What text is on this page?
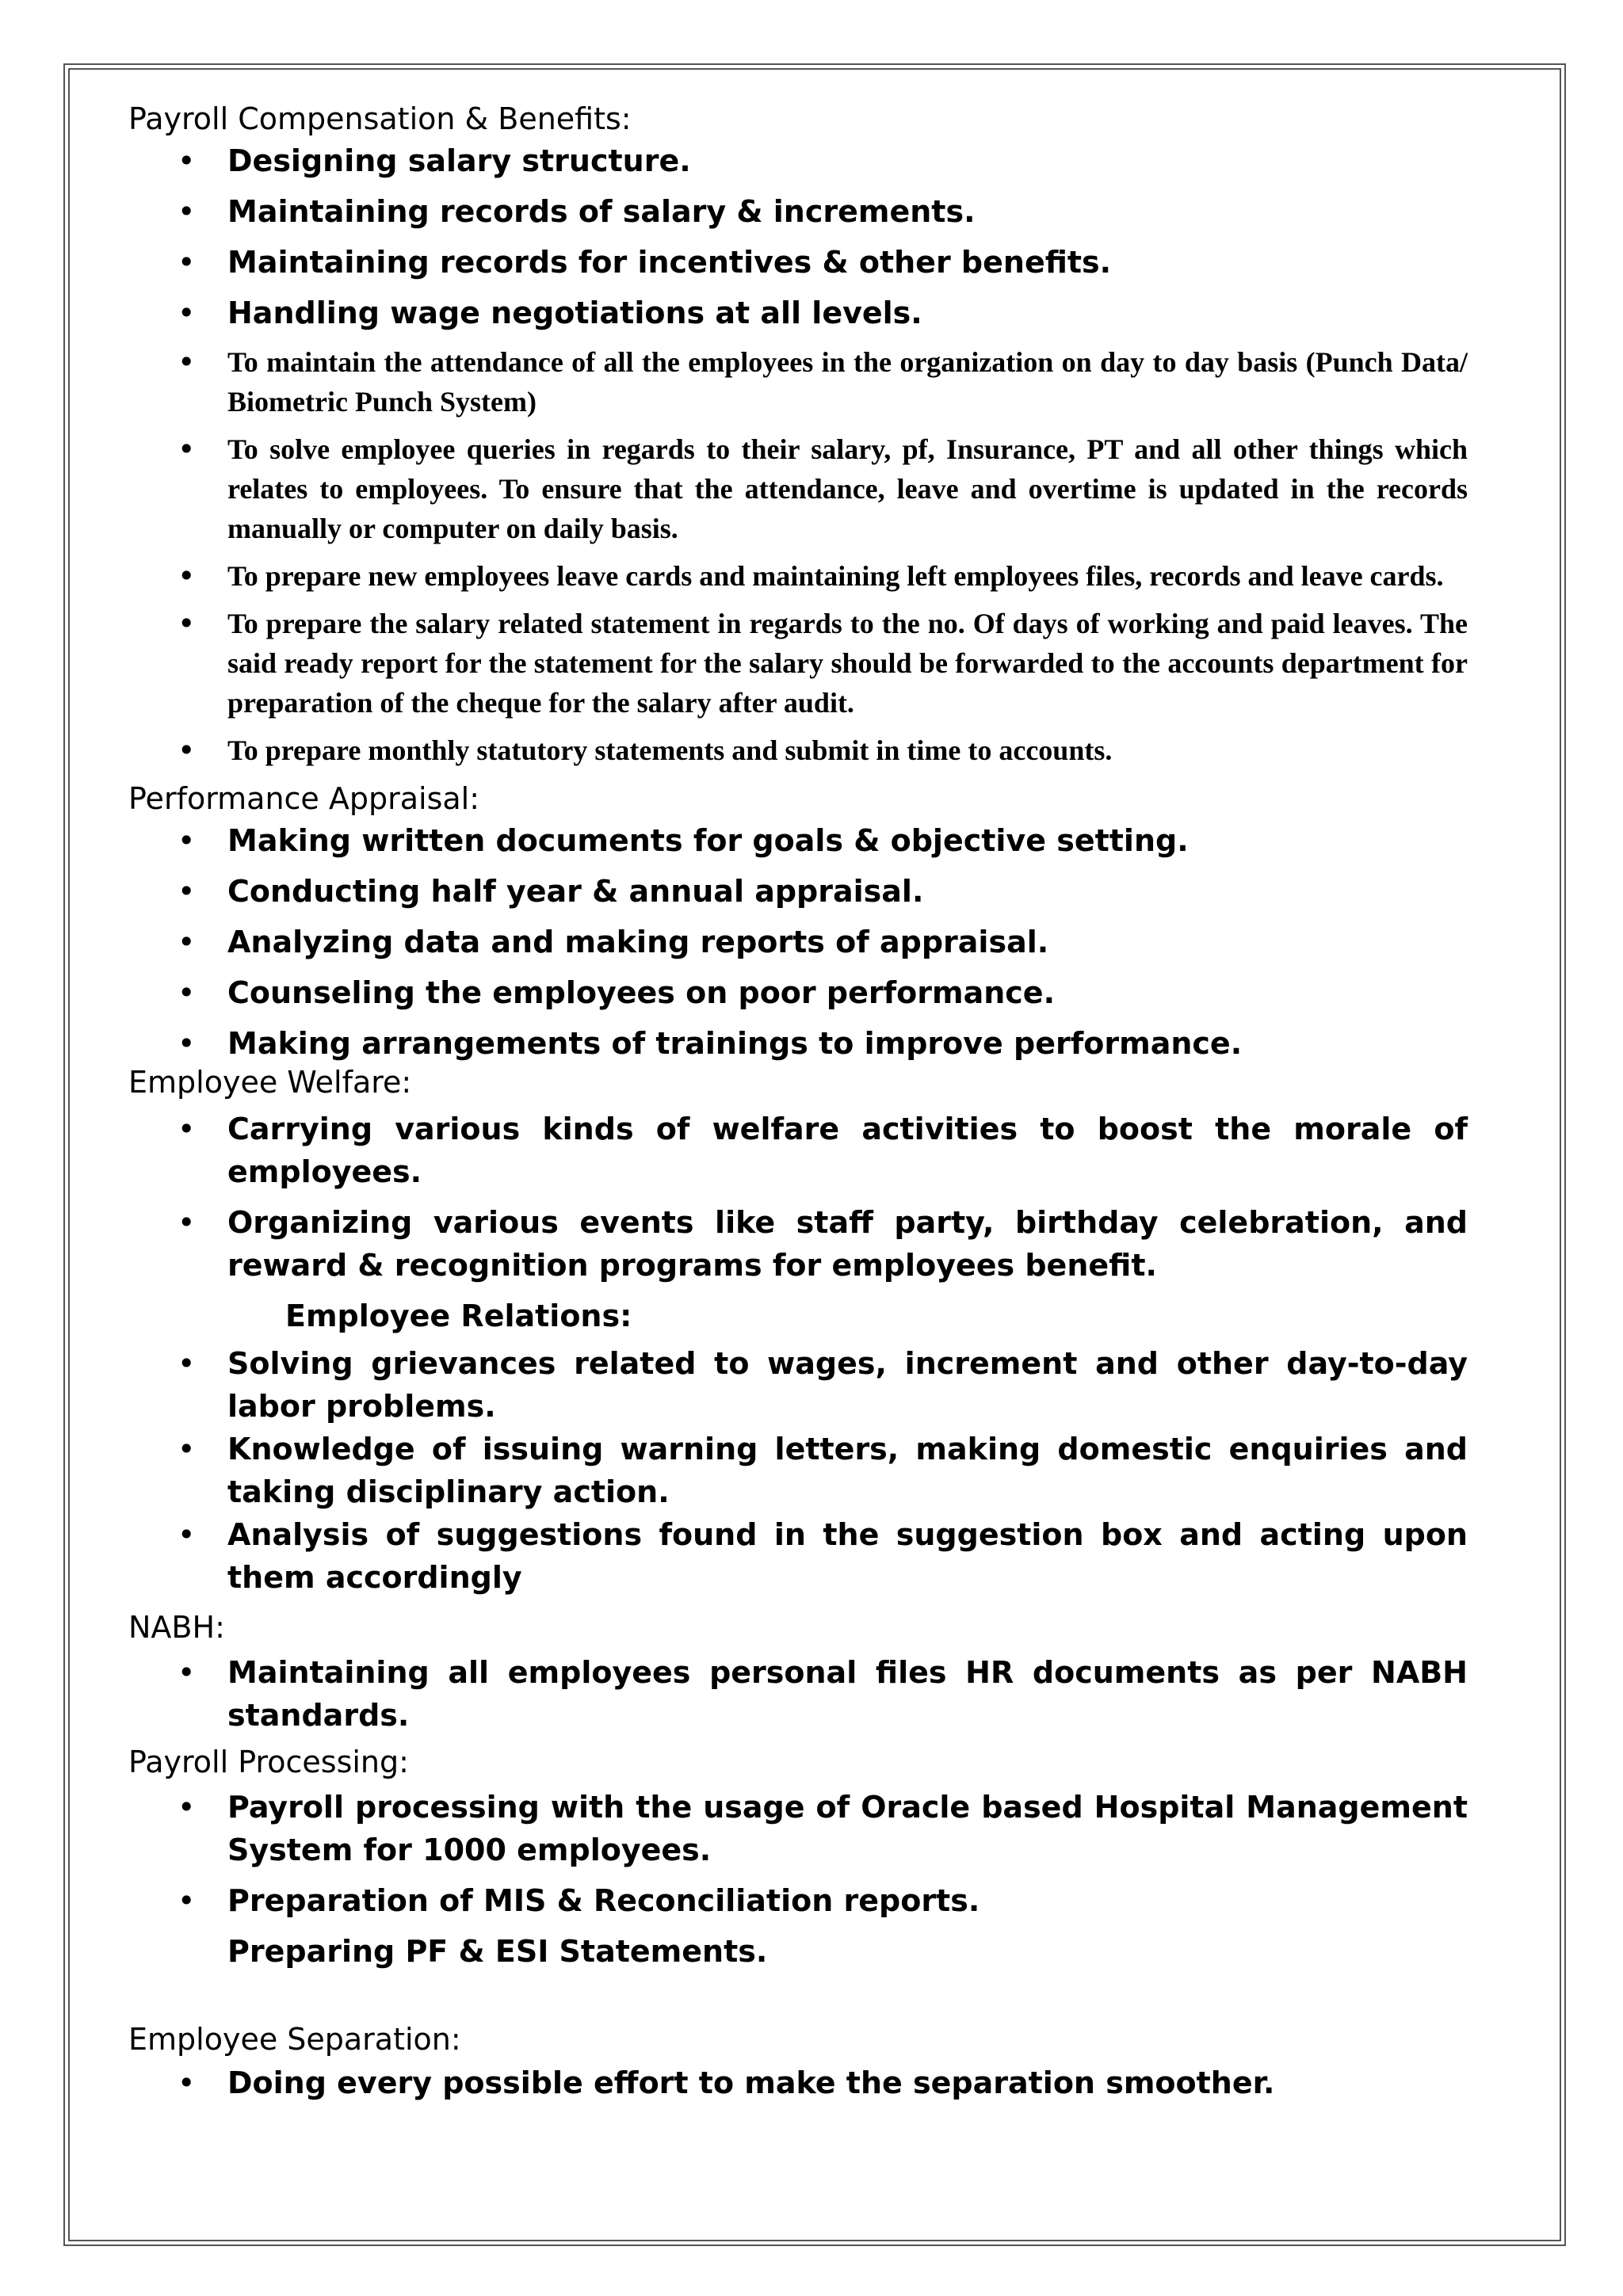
Payroll Compensation & Benefits:

• Designing salary structure.
• Maintaining records of salary & increments.
• Maintaining records for incentives & other benefits.
• Handling wage negotiations at all levels.
• To maintain the attendance of all the employees in the organization on day to day basis (Punch Data/ Biometric Punch System)
• To solve employee queries in regards to their salary, pf, Insurance, PT and all other things which relates to employees. To ensure that the attendance, leave and overtime is updated in the records manually or computer on daily basis.
• To prepare new employees leave cards and maintaining left employees files, records and leave cards.
• To prepare the salary related statement in regards to the no. Of days of working and paid leaves. The said ready report for the statement for the salary should be forwarded to the accounts department for preparation of the cheque for the salary after audit.
• To prepare monthly statutory statements and submit in time to accounts.

Performance Appraisal:

• Making written documents for goals & objective setting.
• Conducting half year & annual appraisal.
• Analyzing data and making reports of appraisal.
• Counseling the employees on poor performance.
• Making arrangements of trainings to improve performance.

Employee Welfare:

• Carrying various kinds of welfare activities to boost the morale of employees.
• Organizing various events like staff party, birthday celebration, and reward & recognition programs for employees benefit.
Employee Relations:
• Solving grievances related to wages, increment and other day-to-day labor problems.
• Knowledge of issuing warning letters, making domestic enquiries and taking disciplinary action.
• Analysis of suggestions found in the suggestion box and acting upon them accordingly

NABH:

• Maintaining all employees personal files HR documents as per NABH standards.

Payroll Processing:

• Payroll processing with the usage of Oracle based Hospital Management System for 1000 employees.
• Preparation of MIS & Reconciliation reports.
Preparing PF & ESI Statements.

Employee Separation:

• Doing every possible effort to make the separation smoother.
